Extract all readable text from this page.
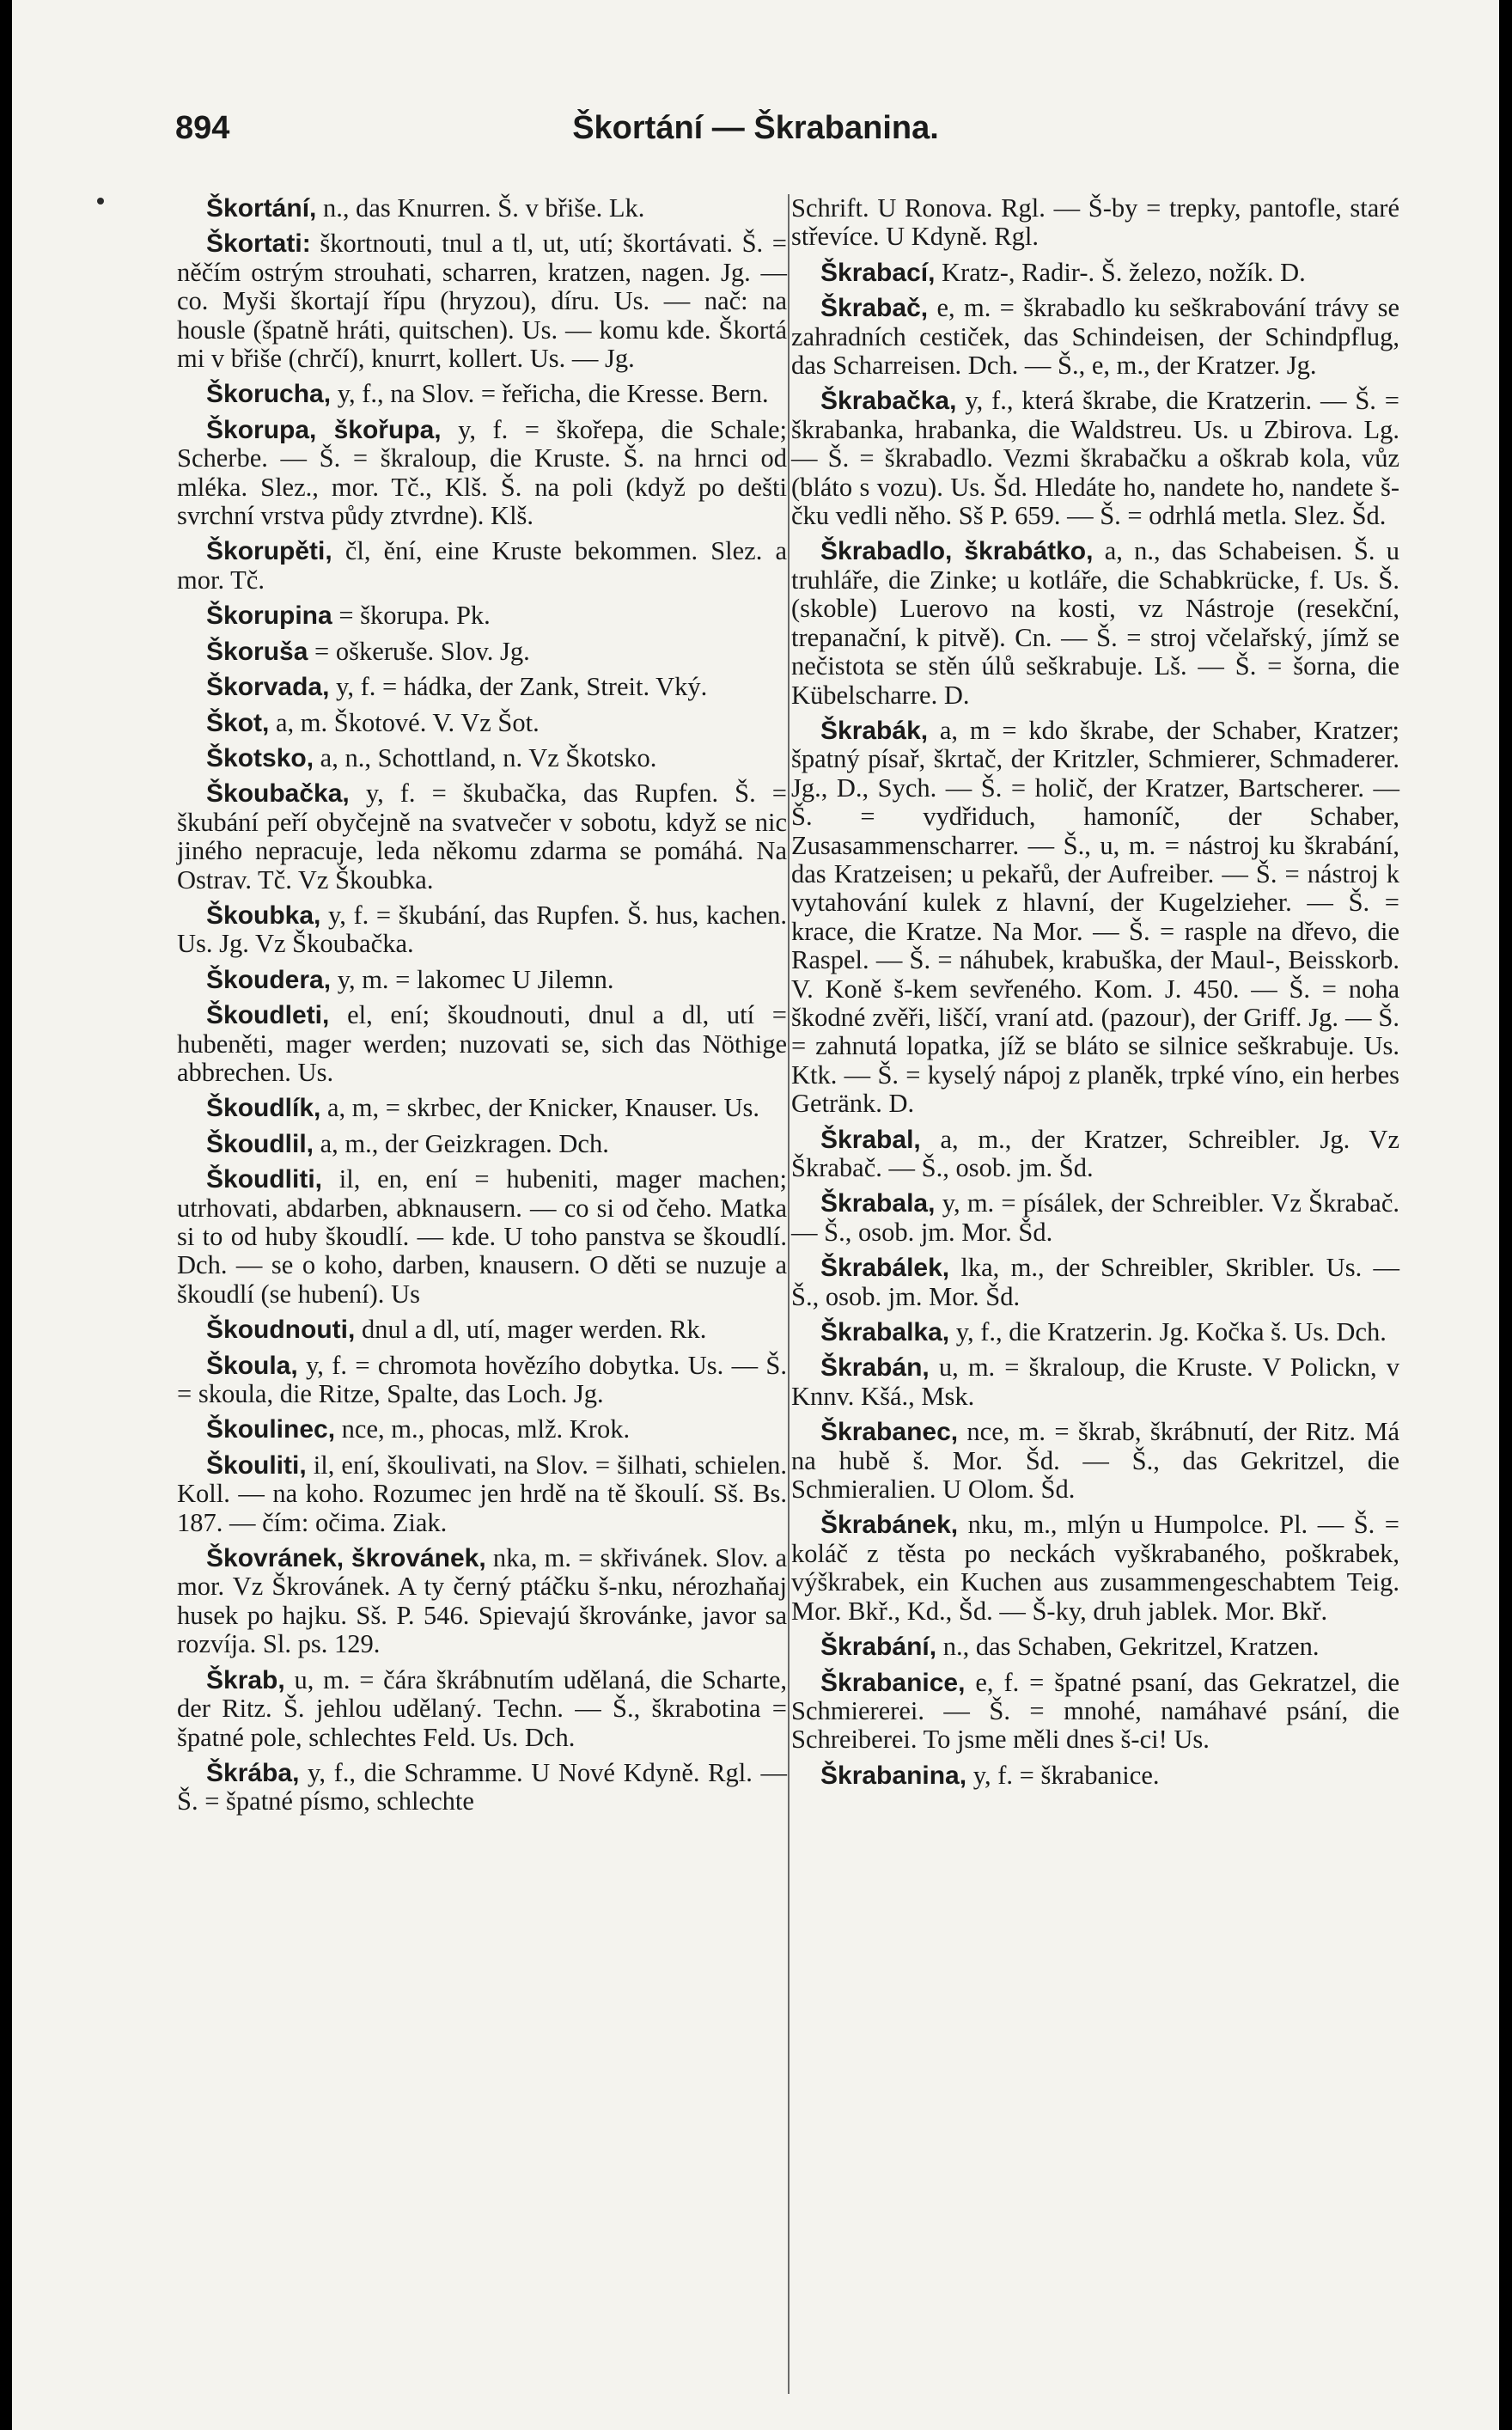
894	Škortání — Škrabanina.

Škortání, n., das Knurren. Š. v břiše. Lk.

Škortati: škortnouti, tnul a tl, ut, utí; škortávati. Š. = něčím ostrým strouhati, scharren, kratzen, nagen. Jg. — co. Myši škortají řípu (hryzou), díru. Us. — nač: na housle (špatně hráti, quitschen). Us. — komu kde. Škortá mi v břiše (chrčí), knurrt, kollert. Us. — Jg.

Škorucha, y, f., na Slov. = řeřicha, die Kresse. Bern.

Škorupa, škořupa, y, f. = škořepa, die Schale; Scherbe. — Š. = škraloup, die Kruste. Š. na hrnci od mléka. Slez., mor. Tč., Klš. Š. na poli (když po dešti svrchní vrstva půdy ztvrdne). Klš.

Škorupěti, čl, ění, eine Kruste bekommen. Slez. a mor. Tč.

Škorupina = škorupa. Pk.

Škoruša = oškeruše. Slov. Jg.

Škorvada, y, f. = hádka, der Zank, Streit. Vký.

Škot, a, m. Škotové. V. Vz Šot.

Škotsko, a, n., Schottland, n. Vz Škotsko.

Škoubačka, y, f. = škubačka, das Rupfen. Š. = škubání peří obyčejně na svatvečer v sobotu, když se nic jiného nepracuje, leda někomu zdarma se pomáhá. Na Ostrav. Tč. Vz Škoubka.

Škoubka, y, f. = škubání, das Rupfen. Š. hus, kachen. Us. Jg. Vz Škoubačka.

Škoudera, y, m. = lakomec U Jilemn.

Škoudleti, el, ení; škoudnouti, dnul a dl, utí = hubeněti, mager werden; nuzovati se, sich das Nöthige abbrechen. Us.

Škoudlík, a, m, = skrbec, der Knicker, Knauser. Us.

Škoudlil, a, m., der Geizkragen. Dch.

Škoudliti, il, en, ení = hubeniti, mager machen; utrhovati, abdarben, abknausern. — co si od čeho. Matka si to od huby škoudlí. — kde. U toho panstva se škoudlí. Dch. — se o koho, darben, knausern. O děti se nuzuje a škoudlí (se hubení). Us

Škoudnouti, dnul a dl, utí, mager werden. Rk.

Škoula, y, f. = chromota hovězího dobytka. Us. — Š. = skoula, die Ritze, Spalte, das Loch. Jg.

Škoulinec, nce, m., phocas, mlž. Krok.

Škouliti, il, ení, škoulivati, na Slov. = šilhati, schielen. Koll. — na koho. Rozumec jen hrdě na tě škoulí. Sš. Bs. 187. — čím: očima. Ziak.

Škovránek, škrovánek, nka, m. = skřivánek. Slov. a mor. Vz Škrovánek. A ty černý ptáčku š-nku, nérozhaňaj husek po hajku. Sš. P. 546. Spievajú škrovánke, javor sa rozvíja. Sl. ps. 129.

Škrab, u, m. = čára škrábnutím udělaná, die Scharte, der Ritz. Š. jehlou udělaný. Techn. — Š., škrabotina = špatné pole, schlechtes Feld. Us. Dch.

Škrába, y, f., die Schramme. U Nové Kdyně. Rgl. — Š. = špatné písmo, schlechte

Schrift. U Ronova. Rgl. — Š-by = trepky, pantofle, staré střevíce. U Kdyně. Rgl.

Škrabací, Kratz-, Radir-. Š. železo, nožík. D.

Škrabač, e, m. = škrabadlo ku seškrabování trávy se zahradních cestiček, das Schindeisen, der Schindpflug, das Scharreisen. Dch. — Š., e, m., der Kratzer. Jg.

Škrabačka, y, f., která škrabe, die Kratzerin. — Š. = škrabanka, hrabanka, die Waldstreu. Us. u Zbirova. Lg. — Š. = škrabadlo. Vezmi škrabačku a oškrab kola, vůz (bláto s vozu). Us. Šd. Hledáte ho, nandete ho, nandete š-čku vedli něho. Sš P. 659. — Š. = odrhlá metla. Slez. Šd.

Škrabadlo, škrabátko, a, n., das Schabeisen. Š. u truhláře, die Zinke; u kotláře, die Schabkrücke, f. Us. Š. (skoble) Luerovo na kosti, vz Nástroje (resekční, trepanační, k pitvě). Cn. — Š. = stroj včelařský, jímž se nečistota se stěn úlů seškrabuje. Lš. — Š. = šorna, die Kübelscharre. D.

Škrabák, a, m = kdo škrabe, der Schaber, Kratzer; špatný písař, škrtač, der Kritzler, Schmierer, Schmaderer. Jg., D., Sych. — Š. = holič, der Kratzer, Bartscherer. — Š. = vydřiduch, hamoníč, der Schaber, Zusasammenscharrer. — Š., u, m. = nástroj ku škrabání, das Kratzeisen; u pekařů, der Aufreiber. — Š. = nástroj k vytahování kulek z hlavní, der Kugelzieher. — Š. = krace, die Kratze. Na Mor. — Š. = rasple na dřevo, die Raspel. — Š. = náhubek, krabuška, der Maul-, Beisskorb. V. Koně š-kem sevřeného. Kom. J. 450. — Š. = noha škodné zvěři, liščí, vraní atd. (pazour), der Griff. Jg. — Š. = zahnutá lopatka, jíž se bláto se silnice seškrabuje. Us. Ktk. — Š. = kyselý nápoj z planěk, trpké víno, ein herbes Getränk. D.

Škrabal, a, m., der Kratzer, Schreibler. Jg. Vz Škrabač. — Š., osob. jm. Šd.

Škrabala, y, m. = písálek, der Schreibler. Vz Škrabač. — Š., osob. jm. Mor. Šd.

Škrabálek, lka, m., der Schreibler, Skribler. Us. — Š., osob. jm. Mor. Šd.

Škrabalka, y, f., die Kratzerin. Jg. Kočka š. Us. Dch.

Škrabán, u, m. = škraloup, die Kruste. V Polickn, v Knnv. Kšá., Msk.

Škrabanec, nce, m. = škrab, škrábnutí, der Ritz. Má na hubě š. Mor. Šd. — Š., das Gekritzel, die Schmieralien. U Olom. Šd.

Škrabánek, nku, m., mlýn u Humpolce. Pl. — Š. = koláč z těsta po neckách vyškrabaného, poškrabek, výškrabek, ein Kuchen aus zusammengeschabtem Teig. Mor. Bkř., Kd., Šd. — Š-ky, druh jablek. Mor. Bkř.

Škrabání, n., das Schaben, Gekritzel, Kratzen.

Škrabanice, e, f. = špatné psaní, das Gekratzel, die Schmiererei. — Š. = mnohé, namáhavé psání, die Schreiberei. To jsme měli dnes š-ci! Us.

Škrabanina, y, f. = škrabanice.
